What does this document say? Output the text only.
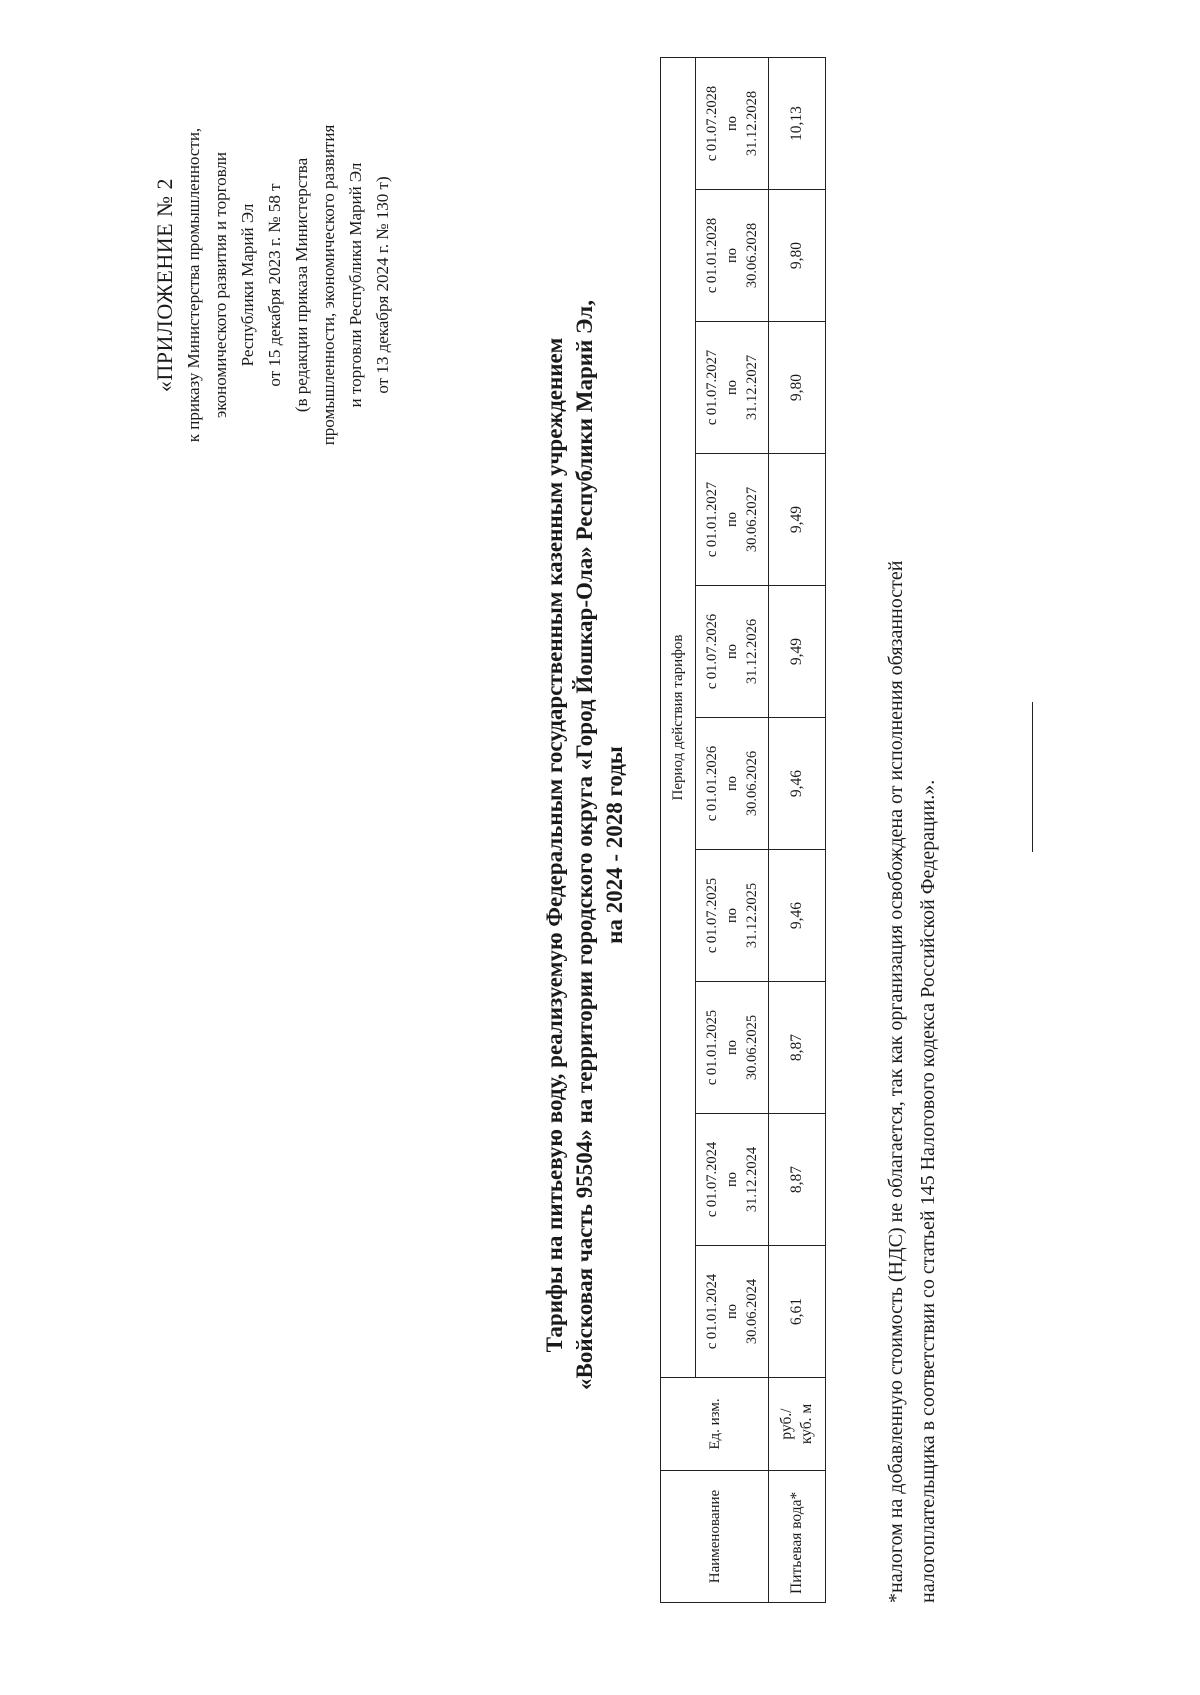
«ПРИЛОЖЕНИЕ № 2 к приказу Министерства промышленности, экономического развития и торговли Республики Марий Эл от 15 декабря 2023 г. № 58 т (в редакции приказа Министерства промышленности, экономического развития и торговли Республики Марий Эл от 13 декабря 2024 г. № 130 т)
Тарифы на питьевую воду, реализуемую Федеральным государственным казенным учреждением «Войсковая часть 95504» на территории городского округа «Город Йошкар-Ола» Республики Марий Эл, на 2024 - 2028 годы
Наименование	Ед. изм.	Период действия тарифов									

		с 01.01.2024 по 30.06.2024	с 01.07.2024 по 31.12.2024	с 01.01.2025 по 30.06.2025	с 01.07.2025 по 31.12.2025	с 01.01.2026 по 30.06.2026	с 01.07.2026 по 31.12.2026	с 01.01.2027 по 30.06.2027	с 01.07.2027 по 31.12.2027	с 01.01.2028 по 30.06.2028	с 01.07.2028 по 31.12.2028

Питьевая вода*	руб./ куб. м	6,61	8,87	8,87	9,46	9,46	9,49	9,49	9,80	9,80	10,13
*налогом на добавленную стоимость (НДС) не облагается, так как организация освобождена от исполнения обязанностей налогоплательщика в соответствии со статьей 145 Налогового кодекса Российской Федерации.».
